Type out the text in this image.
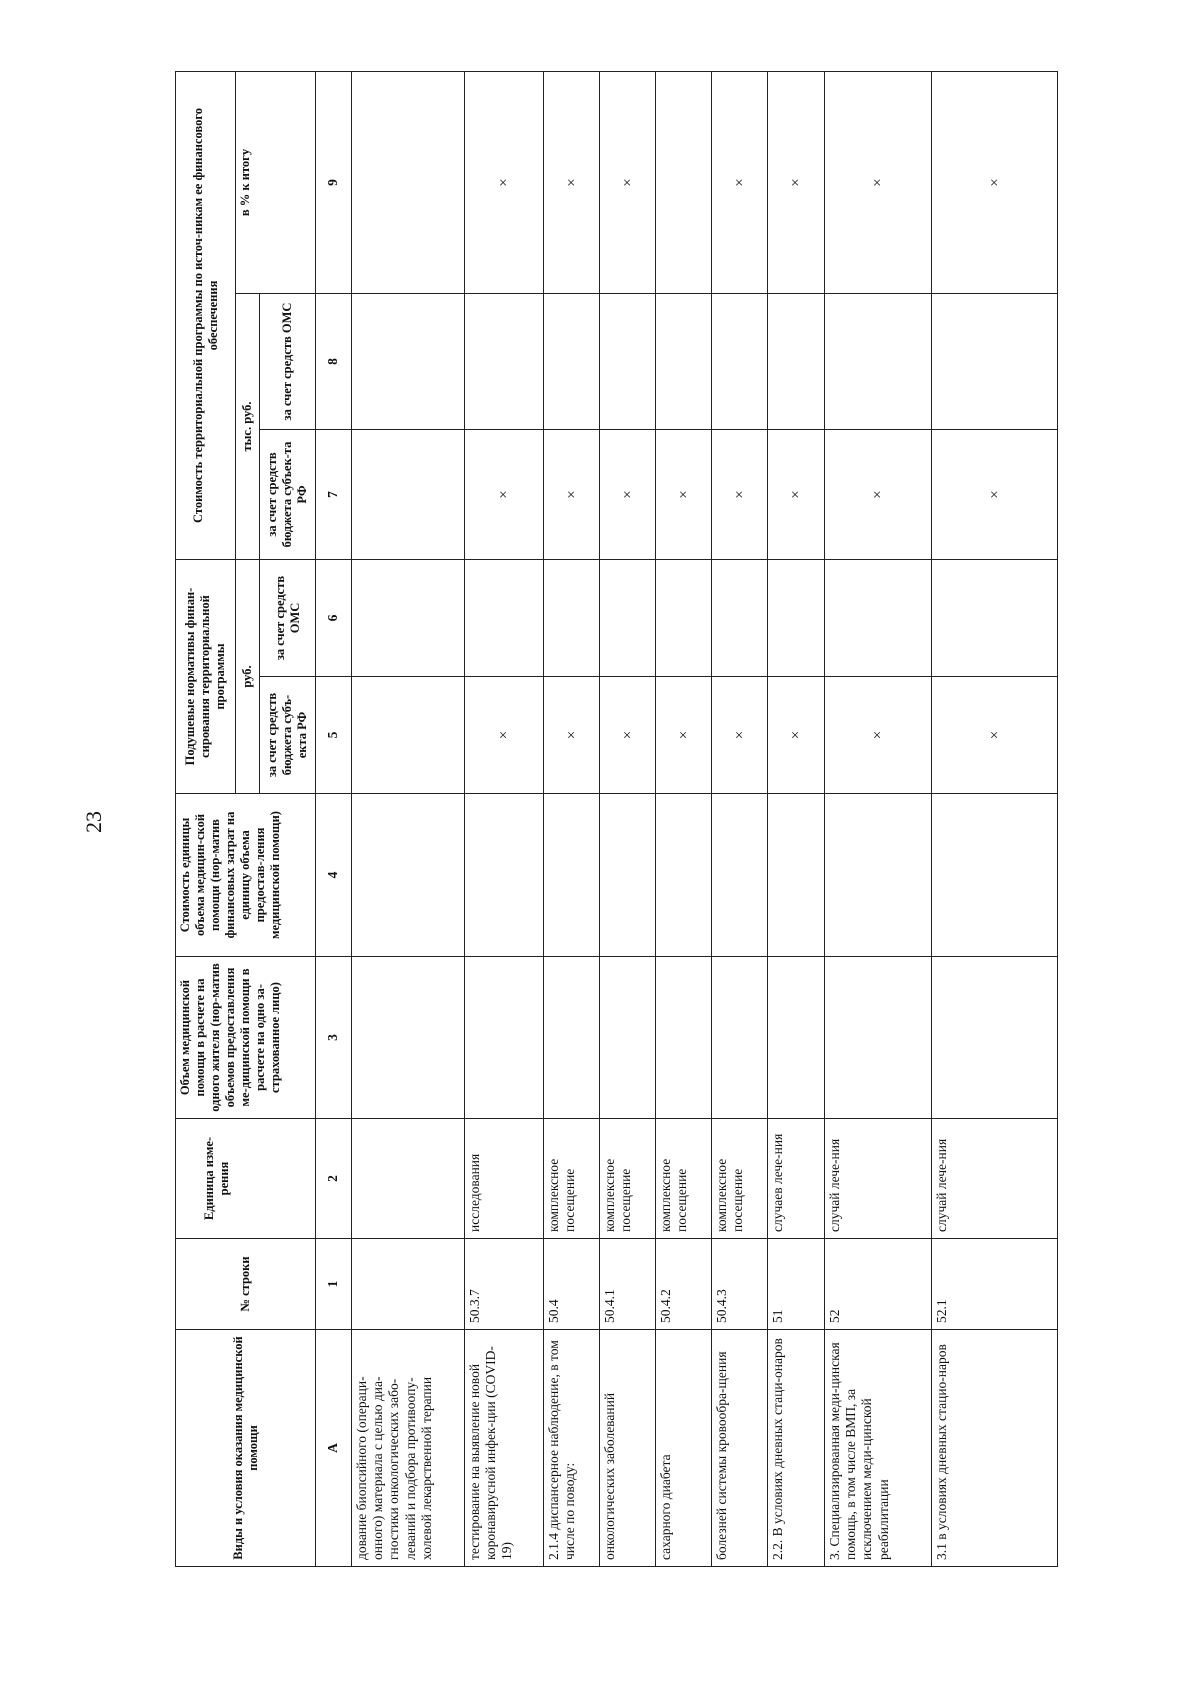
23
Виды и условия оказания медицинской помощи	№ строки	Единица изме-рения	Объем медицинской помощи в расчете на одного жителя (нор-матив объемов предоставления ме-дицинской помощи в расчете на одно за-страхованное лицо)	Стоимость единицы объема медицин-ской помощи (нор-матив финансовых затрат на единицу объема предостав-ления медицинской помощи)	Подушевые нормативы финан-сирования территориальной программы		Стоимость территориальной программы по источ-никам ее финансового обеспечения		
					руб.		тыс. руб.		в % к итогу
					за счет средств бюджета субъ-екта РФ	за счет средств ОМС	за счет средств бюджета субъек-та РФ	за счет средств ОМС	
А	1	2	3	4	5	6	7	8	9
дование биопсийного (операци-онного) материала с целью диа-гностики онкологических забо-леваний и подбора противоопу-холевой лекарственной терапии									
тестирование на выявление новой коронавирусной инфек-ции (COVID-19)	50.3.7	исследования			×		×		×
2.1.4 диспансерное наблюдение, в том числе по поводу:	50.4	комплексное посещение			×		×		×
онкологических заболеваний	50.4.1	комплексное посещение			×		×		×
сахарного диабета	50.4.2	комплексное посещение			×		×		
болезней системы кровообра-щения	50.4.3	комплексное посещение			×		×		×
2.2. В условиях дневных стаци-онаров	51	случаев лече-ния			×		×		×
3. Специализированная меди-цинская помощь, в том числе ВМП, за исключением меди-цинской реабилитации	52	случай лече-ния			×		×		×
3.1 в условиях дневных стацио-наров	52.1	случай лече-ния			×		×		×
